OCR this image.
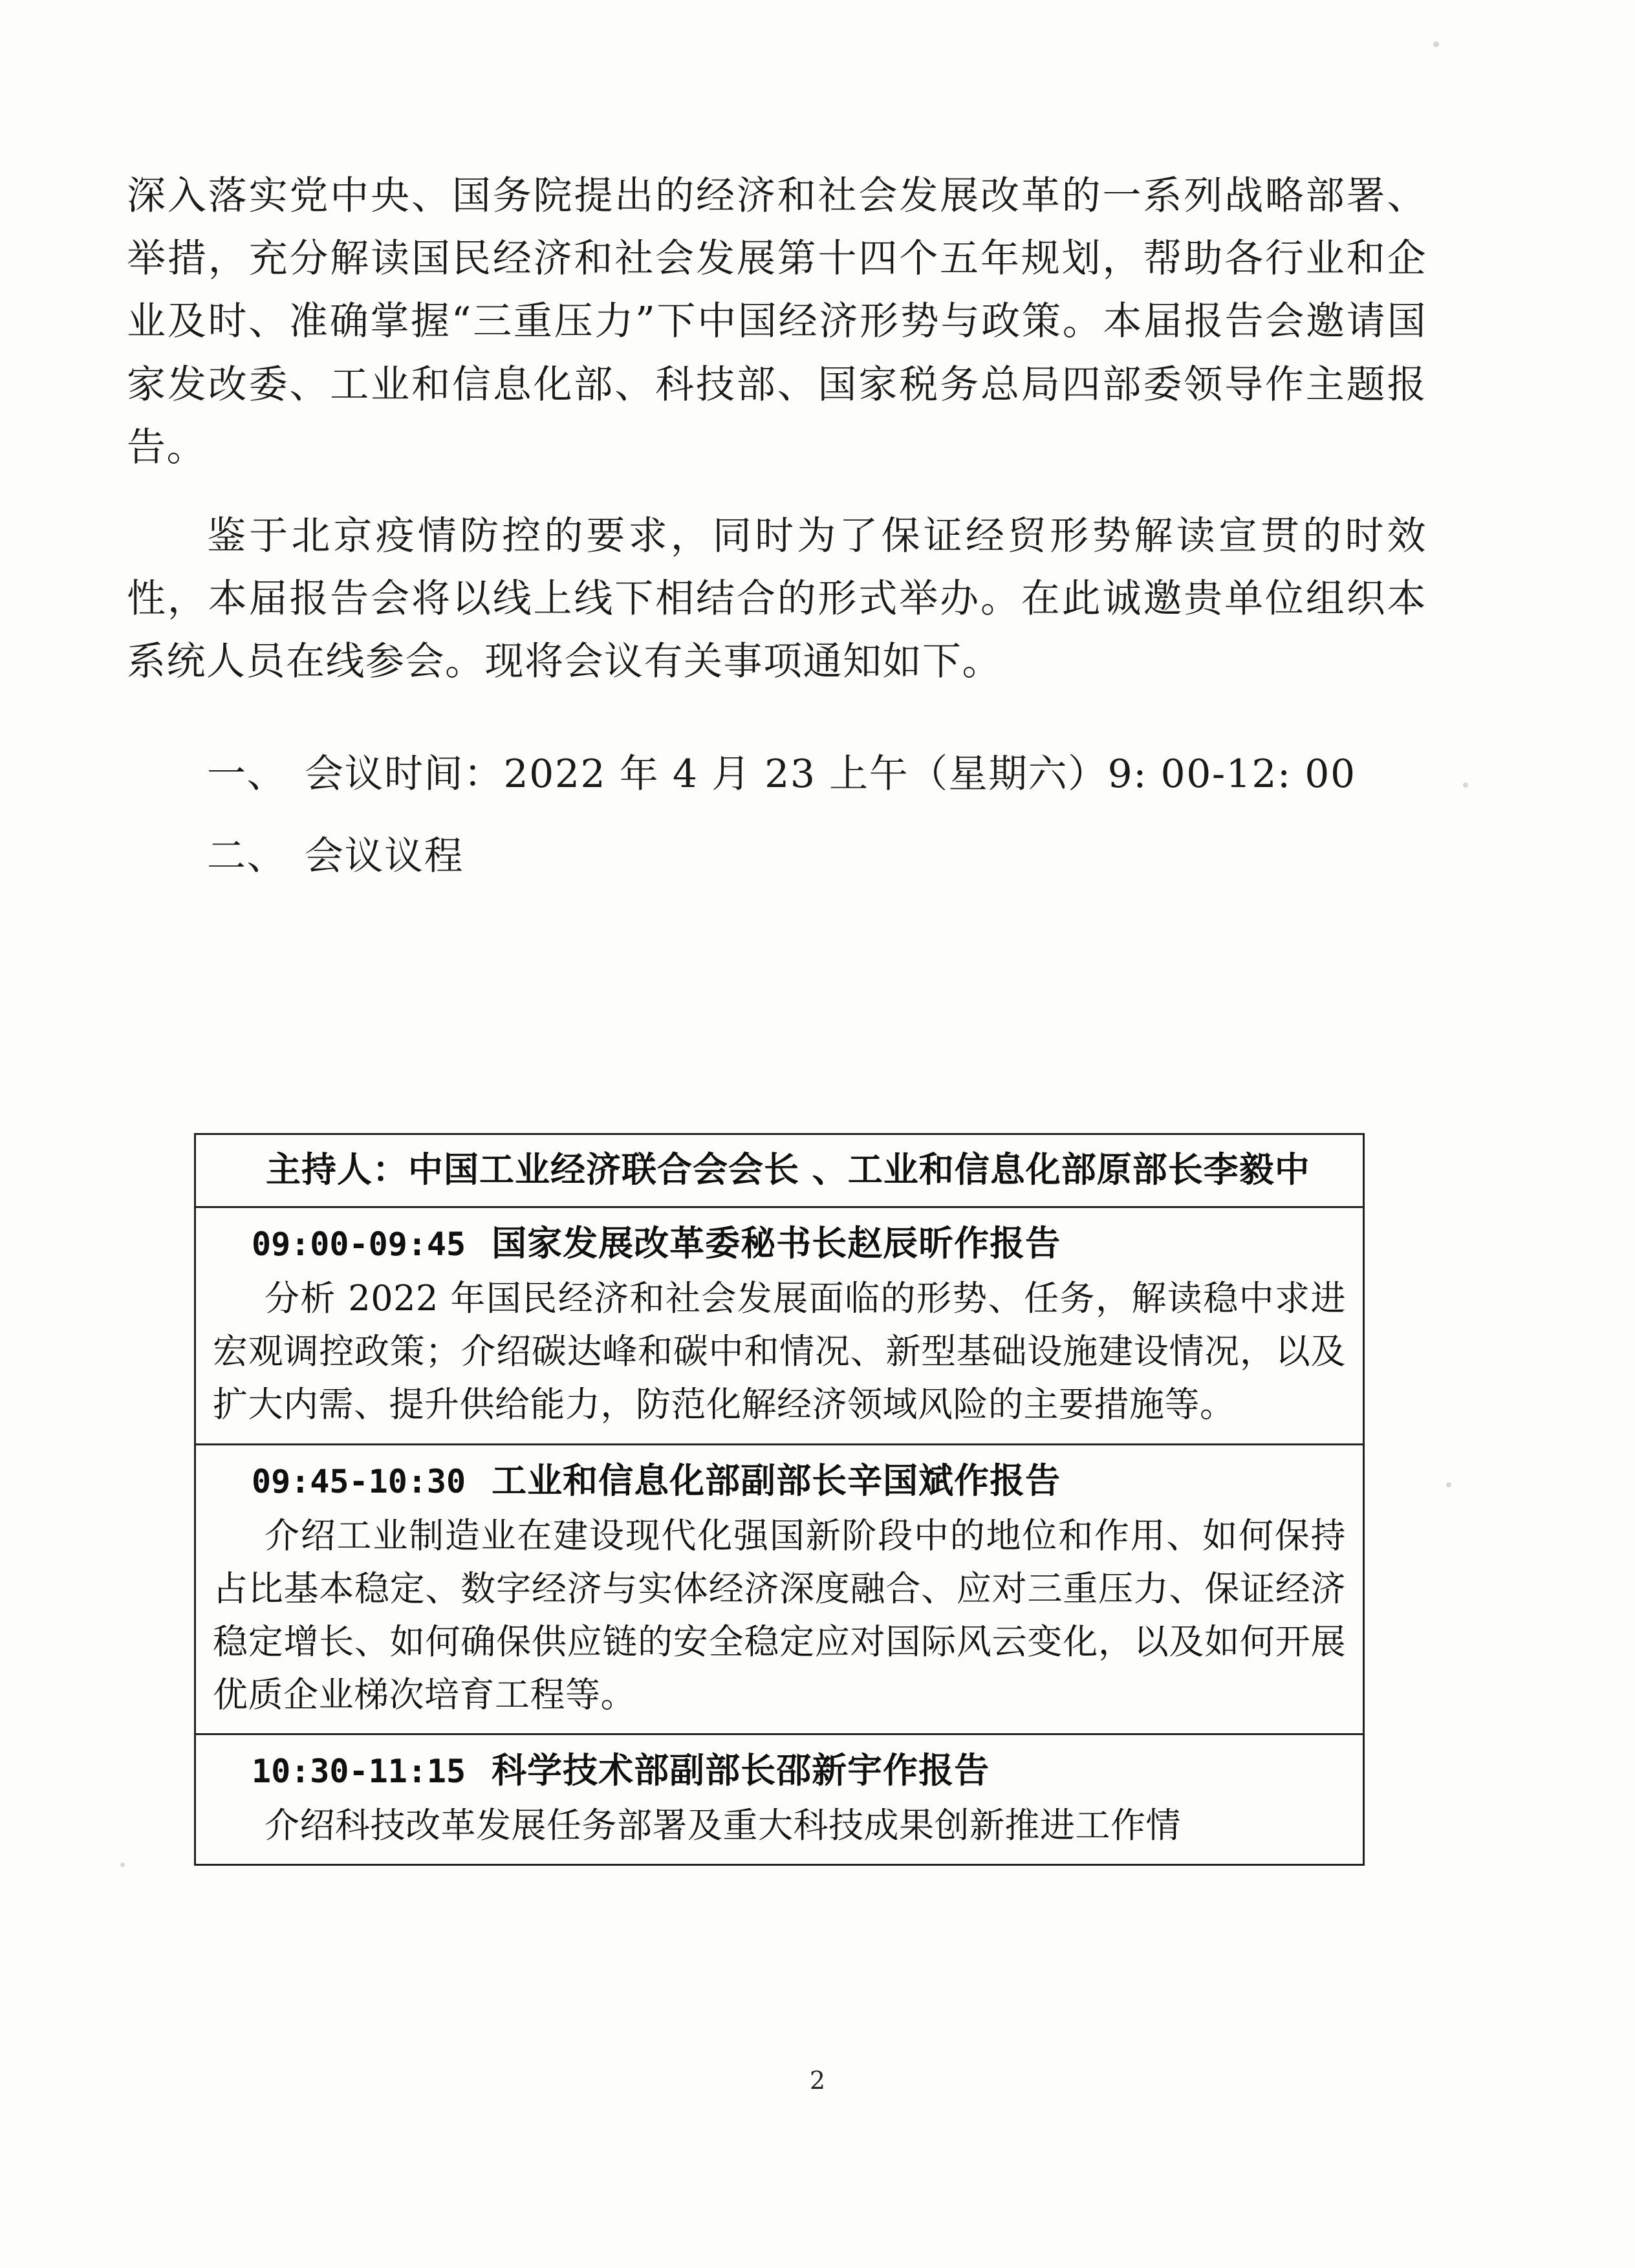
深入落实党中央、国务院提出的经济和社会发展改革的一系列战略部署、举措，充分解读国民经济和社会发展第十四个五年规划，帮助各行业和企业及时、准确掌握“三重压力”下中国经济形势与政策。本届报告会邀请国家发改委、工业和信息化部、科技部、国家税务总局四部委领导作主题报告。

鉴于北京疫情防控的要求，同时为了保证经贸形势解读宣贯的时效性，本届报告会将以线上线下相结合的形式举办。在此诚邀贵单位组织本系统人员在线参会。现将会议有关事项通知如下。

一、 会议时间：2022 年 4 月 23 上午（星期六）9: 00-12: 00
二、 会议议程
主持人：中国工业经济联合会会长 、工业和信息化部原部长李毅中
09:00-09:45 国家发展改革委秘书长赵辰昕作报告
分析 2022 年国民经济和社会发展面临的形势、任务，解读稳中求进宏观调控政策；介绍碳达峰和碳中和情况、新型基础设施建设情况，以及扩大内需、提升供给能力，防范化解经济领域风险的主要措施等。
09:45-10:30 工业和信息化部副部长辛国斌作报告
介绍工业制造业在建设现代化强国新阶段中的地位和作用、如何保持占比基本稳定、数字经济与实体经济深度融合、应对三重压力、保证经济稳定增长、如何确保供应链的安全稳定应对国际风云变化，以及如何开展优质企业梯次培育工程等。
10:30-11:15 科学技术部副部长邵新宇作报告
介绍科技改革发展任务部署及重大科技成果创新推进工作情
2
